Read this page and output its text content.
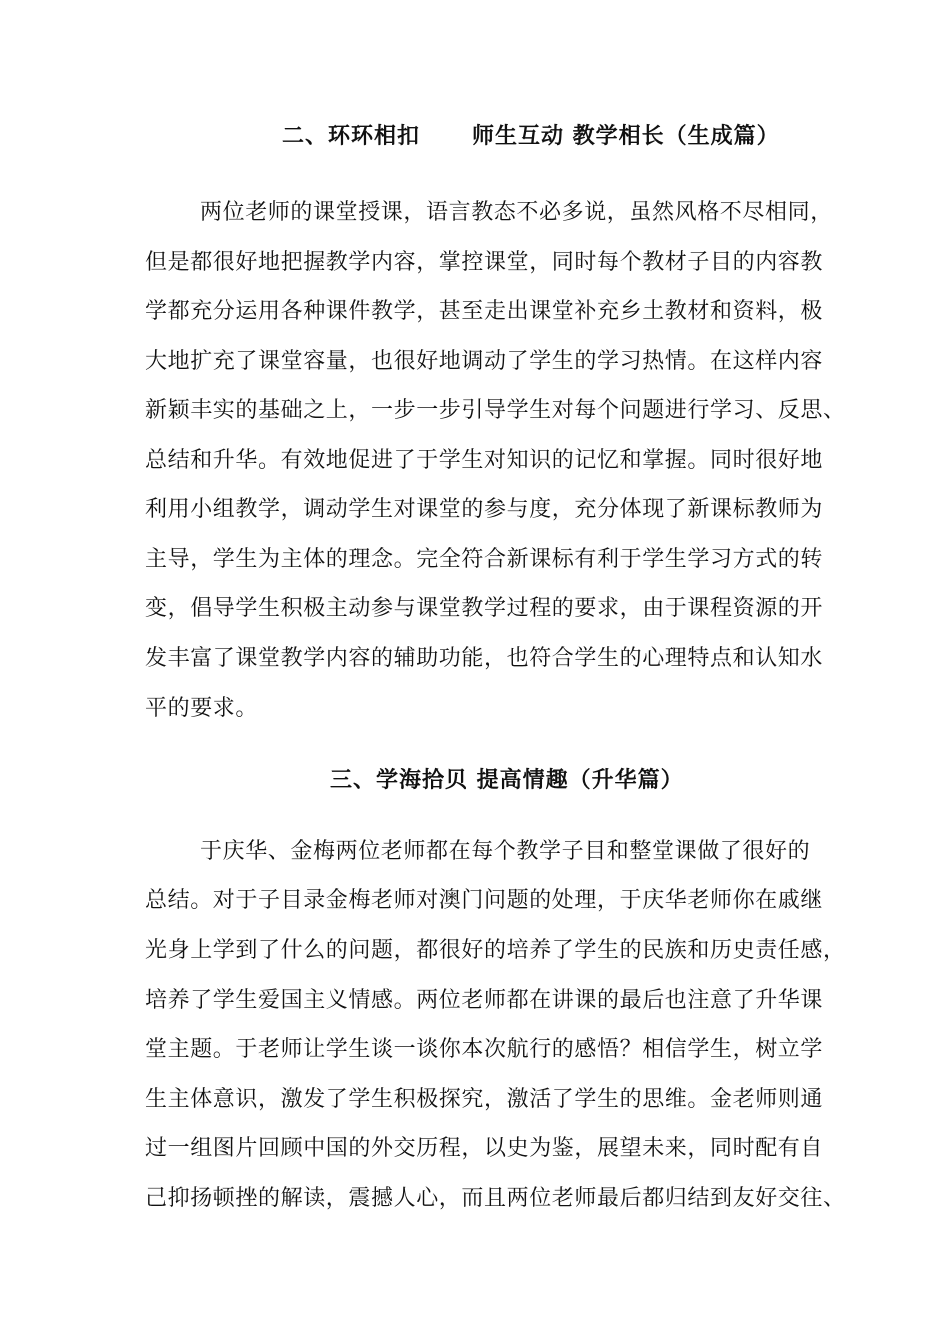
二、环环相扣 师生互动 教学相长（生成篇）
两位老师的课堂授课，语言教态不必多说，虽然风格不尽相同，
但是都很好地把握教学内容，掌控课堂，同时每个教材子目的内容教
学都充分运用各种课件教学，甚至走出课堂补充乡土教材和资料，极
大地扩充了课堂容量，也很好地调动了学生的学习热情。在这样内容
新颖丰实的基础之上，一步一步引导学生对每个问题进行学习、反思、
总结和升华。有效地促进了于学生对知识的记忆和掌握。同时很好地
利用小组教学，调动学生对课堂的参与度，充分体现了新课标教师为
主导，学生为主体的理念。完全符合新课标有利于学生学习方式的转
变，倡导学生积极主动参与课堂教学过程的要求，由于课程资源的开
发丰富了课堂教学内容的辅助功能，也符合学生的心理特点和认知水
平的要求。
三、学海拾贝 提高情趣（升华篇）
于庆华、金梅两位老师都在每个教学子目和整堂课做了很好的
总结。对于子目录金梅老师对澳门问题的处理，于庆华老师你在戚继
光身上学到了什么的问题，都很好的培养了学生的民族和历史责任感，
培养了学生爱国主义情感。两位老师都在讲课的最后也注意了升华课
堂主题。于老师让学生谈一谈你本次航行的感悟？相信学生，树立学
生主体意识，激发了学生积极探究，激活了学生的思维。金老师则通
过一组图片回顾中国的外交历程，以史为鉴，展望未来，同时配有自
己抑扬顿挫的解读，震撼人心，而且两位老师最后都归结到友好交往、
